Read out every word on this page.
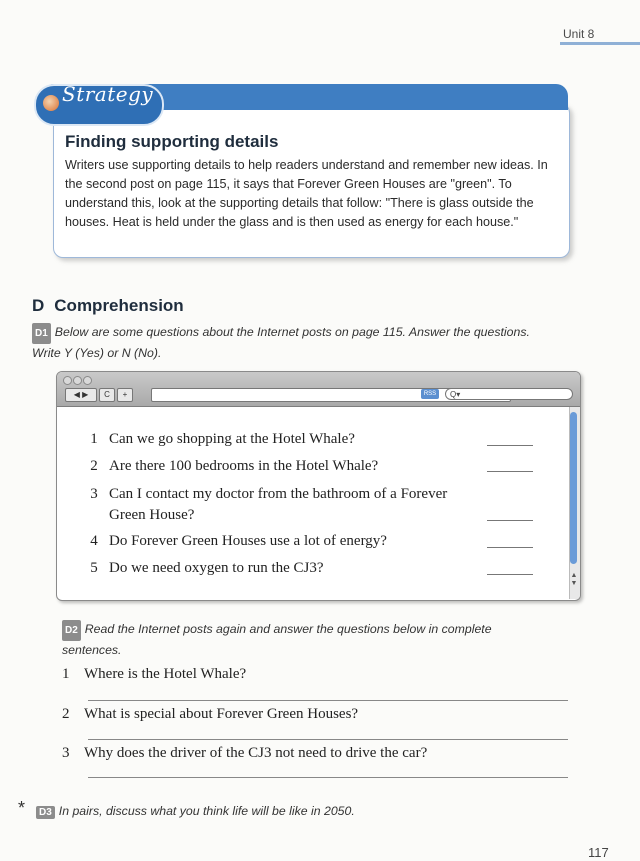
Unit 8
Strategy
Finding supporting details
Writers use supporting details to help readers understand and remember new ideas. In the second post on page 115, it says that Forever Green Houses are "green". To understand this, look at the supporting details that follow: "There is glass outside the houses. Heat is held under the glass and is then used as energy for each house."
D Comprehension
D1 Below are some questions about the Internet posts on page 115. Answer the questions. Write Y (Yes) or N (No).
◀ ▶	C	+	RSS	Q▾
▲
▼
1 Can we go shopping at the Hotel Whale?
2 Are there 100 bedrooms in the Hotel Whale?
3 Can I contact my doctor from the bathroom of a Forever Green House?
4 Do Forever Green Houses use a lot of energy?
5 Do we need oxygen to run the CJ3?
D2 Read the Internet posts again and answer the questions below in complete sentences.
1 Where is the Hotel Whale?
2 What is special about Forever Green Houses?
3 Why does the driver of the CJ3 not need to drive the car?
*	D3 In pairs, discuss what you think life will be like in 2050.
117
